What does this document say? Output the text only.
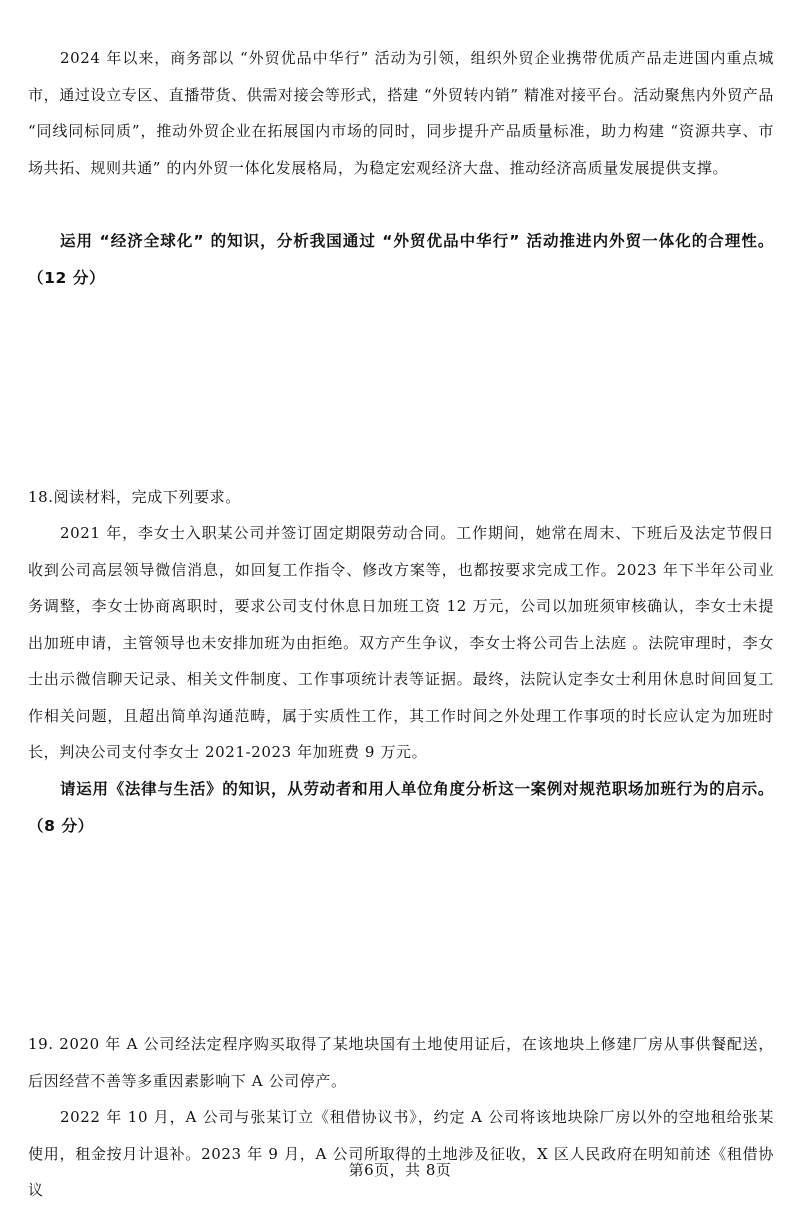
2024 年以来，商务部以 “外贸优品中华行” 活动为引领，组织外贸企业携带优质产品走进国内重点城市，通过设立专区、直播带货、供需对接会等形式，搭建 “外贸转内销” 精准对接平台。活动聚焦内外贸产品 “同线同标同质”，推动外贸企业在拓展国内市场的同时，同步提升产品质量标准，助力构建 “资源共享、市场共拓、规则共通” 的内外贸一体化发展格局，为稳定宏观经济大盘、推动经济高质量发展提供支撑。

运用 “经济全球化” 的知识，分析我国通过 “外贸优品中华行” 活动推进内外贸一体化的合理性。（12 分）

18.阅读材料，完成下列要求。

2021 年，李女士入职某公司并签订固定期限劳动合同。工作期间，她常在周末、下班后及法定节假日收到公司高层领导微信消息，如回复工作指令、修改方案等，也都按要求完成工作。2023 年下半年公司业务调整，李女士协商离职时，要求公司支付休息日加班工资 12 万元，公司以加班须审核确认，李女士未提出加班申请，主管领导也未安排加班为由拒绝。双方产生争议，李女士将公司告上法庭 。法院审理时，李女士出示微信聊天记录、相关文件制度、工作事项统计表等证据。最终，法院认定李女士利用休息时间回复工作相关问题，且超出简单沟通范畴，属于实质性工作，其工作时间之外处理工作事项的时长应认定为加班时长，判决公司支付李女士 2021-2023 年加班费 9 万元。

请运用《法律与生活》的知识，从劳动者和用人单位角度分析这一案例对规范职场加班行为的启示。（8 分）

19. 2020 年 A 公司经法定程序购买取得了某地块国有土地使用证后，在该地块上修建厂房从事供餐配送，后因经营不善等多重因素影响下 A 公司停产。

2022 年 10 月，A 公司与张某订立《租借协议书》，约定 A 公司将该地块除厂房以外的空地租给张某使用，租金按月计退补。2023 年 9 月，A 公司所取得的土地涉及征收，X 区人民政府在明知前述《租借协议

第6页，共 8页
